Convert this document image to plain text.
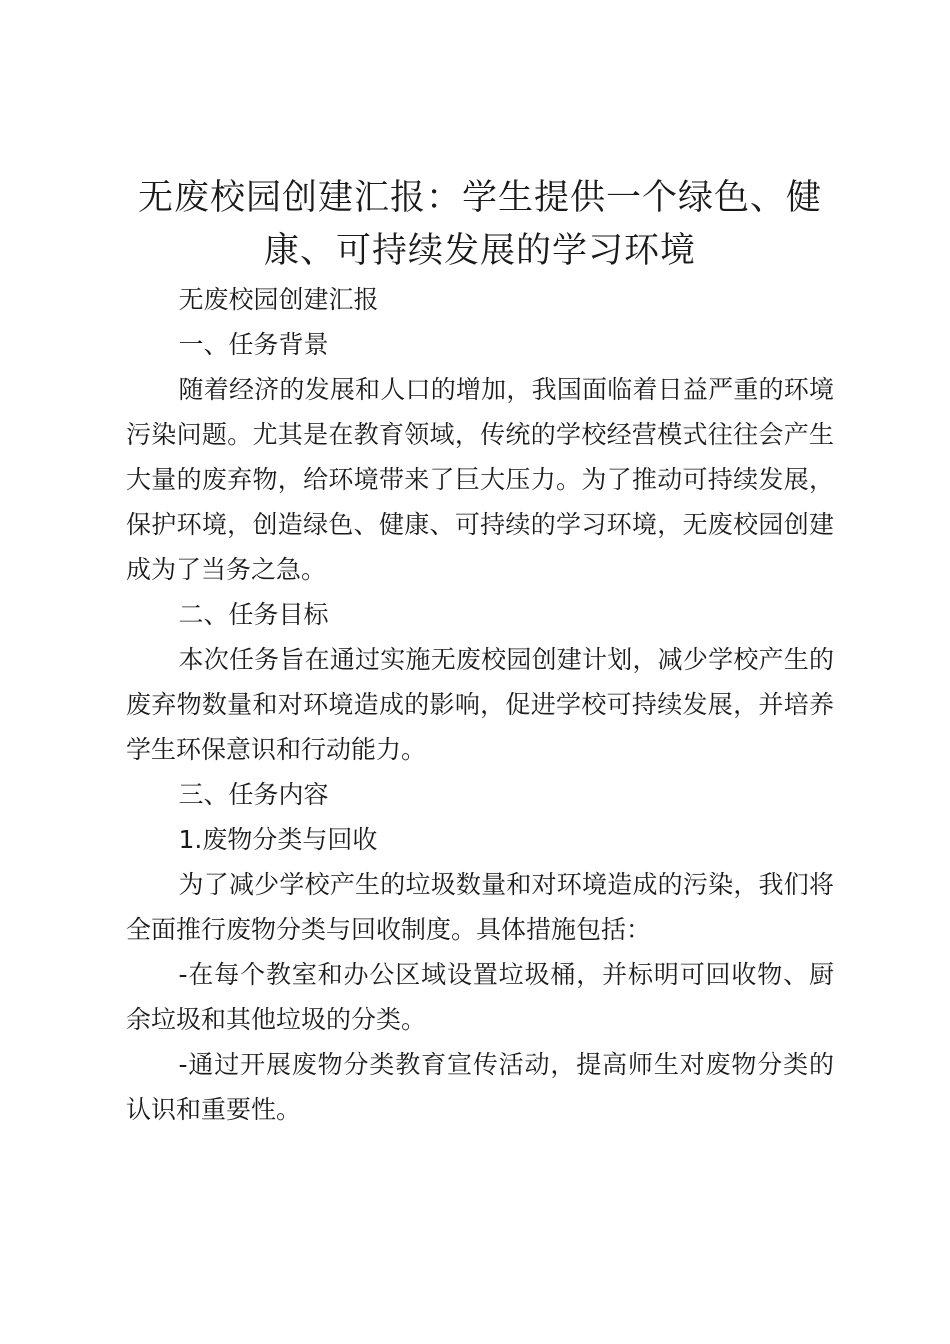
无废校园创建汇报：学生提供一个绿色、健康、可持续发展的学习环境

无废校园创建汇报

一、任务背景

随着经济的发展和人口的增加，我国面临着日益严重的环境污染问题。尤其是在教育领域，传统的学校经营模式往往会产生大量的废弃物，给环境带来了巨大压力。为了推动可持续发展，保护环境，创造绿色、健康、可持续的学习环境，无废校园创建成为了当务之急。

二、任务目标

本次任务旨在通过实施无废校园创建计划，减少学校产生的废弃物数量和对环境造成的影响，促进学校可持续发展，并培养学生环保意识和行动能力。

三、任务内容

1.废物分类与回收

为了减少学校产生的垃圾数量和对环境造成的污染，我们将全面推行废物分类与回收制度。具体措施包括：

-在每个教室和办公区域设置垃圾桶，并标明可回收物、厨余垃圾和其他垃圾的分类。

-通过开展废物分类教育宣传活动，提高师生对废物分类的认识和重要性。
